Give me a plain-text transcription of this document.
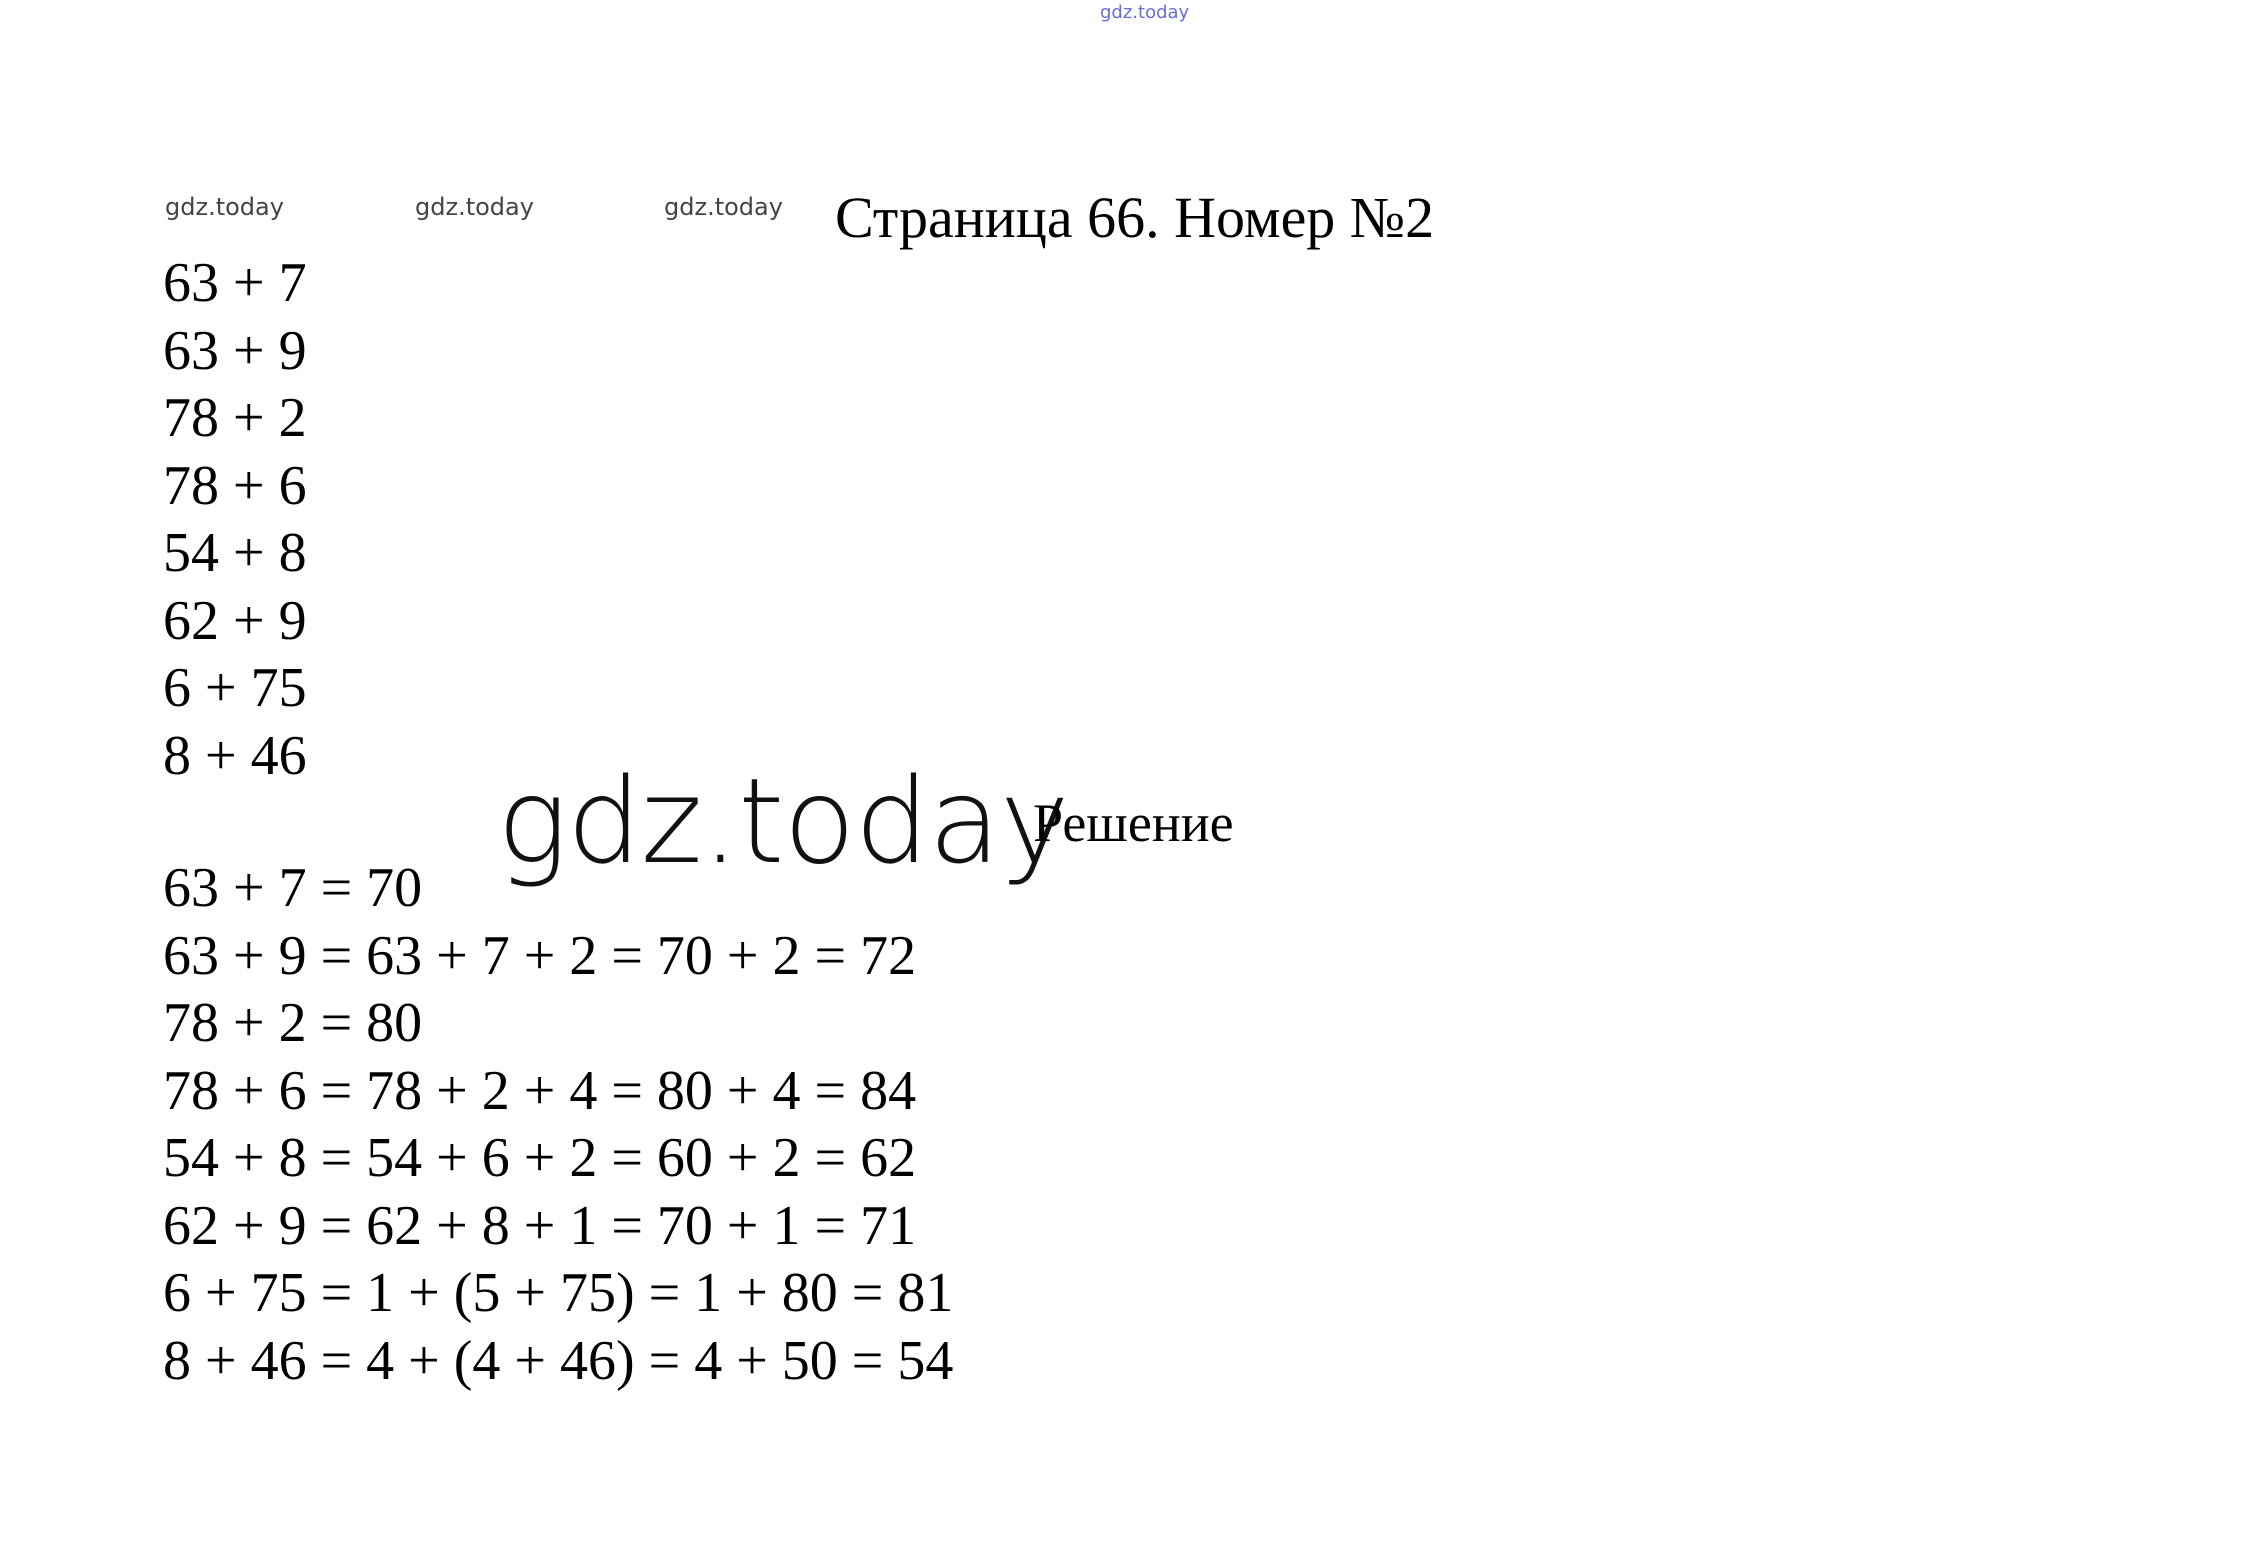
gdz.today
gdz.today	gdz.today	gdz.today Страница 66. Номер №2
63 + 7
63 + 9
78 + 2
78 + 6
54 + 8
62 + 9
6 + 75
8 + 46 gdz.today
Решение
63 + 7 = 70
63 + 9 = 63 + 7 + 2 = 70 + 2 = 72
78 + 2 = 80
78 + 6 = 78 + 2 + 4 = 80 + 4 = 84
54 + 8 = 54 + 6 + 2 = 60 + 2 = 62
62 + 9 = 62 + 8 + 1 = 70 + 1 = 71
6 + 75 = 1 + (5 + 75) = 1 + 80 = 81
8 + 46 = 4 + (4 + 46) = 4 + 50 = 54
